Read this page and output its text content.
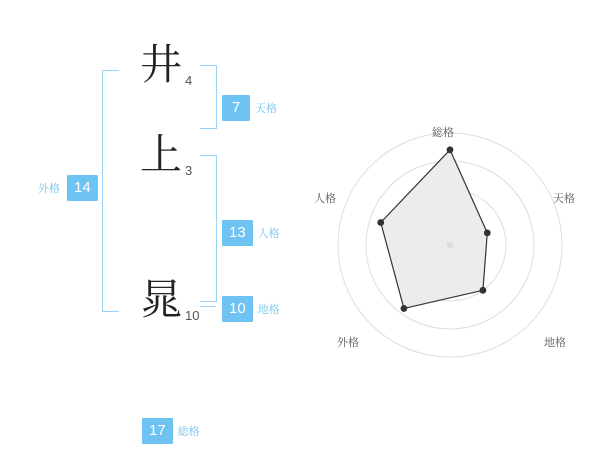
井 4
上 3
晁 10
7	天格
13	人格
10	地格
外格 14
17	総格
総格
天格
地格
外格
人格
